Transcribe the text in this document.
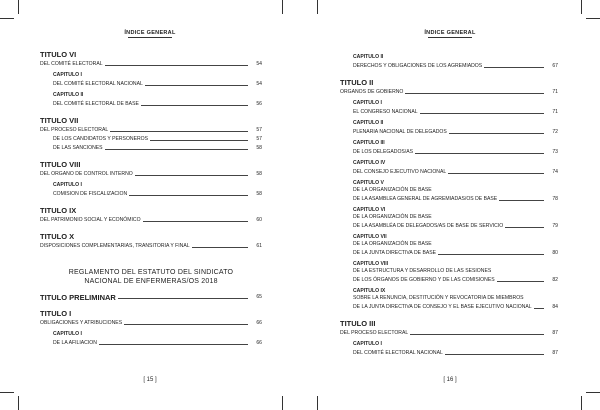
ÍNDICE GENERAL
TITULO VI
DEL COMITÉ ELECTORAL	54
CAPITULO I
DEL COMITÉ ELECTORAL NACIONAL	54
CAPITULO II
DEL COMITÉ ELECTORAL DE BASE	56
TITULO VII
DEL PROCESO ELECTORAL	57
DE LOS CANDIDATOS Y PERSONEROS	57
DE LAS SANCIONES	58
TITULO VIII
DEL ORGANO DE CONTROL INTERNO	58
CAPITULO I
COMISION DE FISCALIZACION	58
TITULO IX
DEL PATRIMONIO SOCIAL Y ECONÓMICO	60
TITULO X
DISPOSICIONES COMPLEMENTARIAS, TRANSITORIA Y FINAL	61
REGLAMENTO DEL ESTATUTO DEL SINDICATO
NACIONAL DE ENFERMERAS/OS 2018
TITULO PRELIMINAR	65
TITULO I
OBLIGACIONES Y ATRIBUCIONES	66
CAPITULO I
DE LA AFILIACION	66
[ 15 ]
ÍNDICE GENERAL
CAPITULO II
DERECHOS Y OBLIGACIONES DE LOS AGREMIADOS	67
TITULO II
ORGANOS DE GOBIERNO	71
CAPITULO I
EL CONGRESO NACIONAL	71
CAPITULO II
PLENARIA NACIONAL DE DELEGADOS	72
CAPITULO III
DE LOS DELEGADOS/AS	73
CAPITULO IV
DEL CONSEJO EJECUTIVO NACIONAL	74
CAPITULO V
DE LA ORGANIZACIÓN DE BASE
DE LA ASAMBLEA GENERAL DE AGREMIADAS/OS DE BASE	78
CAPITULO VI
DE LA ORGANIZACIÓN DE BASE
DE LA ASAMBLÉA DE DELEGADOS/AS DE BASE DE SERVICIO	79
CAPITULO VII
DE LA ORGANIZACIÓN DE BASE
DE LA JUNTA DIRECTIVA DE BASE	80
CAPITULO VIII
DE LA ESTRUCTURA Y DESARROLLO DE LAS SESIONES
DE LOS ÓRGANOS DE GOBIERNO Y DE LAS COMISIONES	82
CAPITULO IX
SOBRE LA RENUNCIA, DESTITUCIÓN Y REVOCATORIA DE MIEMBROS
DE LA JUNTA DIRECTIVA DE CONSEJO Y EL BASE EJECUTIVO NACIONAL	84
TITULO III
DEL PROCESO ELECTORAL	87
CAPITULO I
DEL COMITÉ ELECTORAL NACIONAL	87
[ 16 ]
